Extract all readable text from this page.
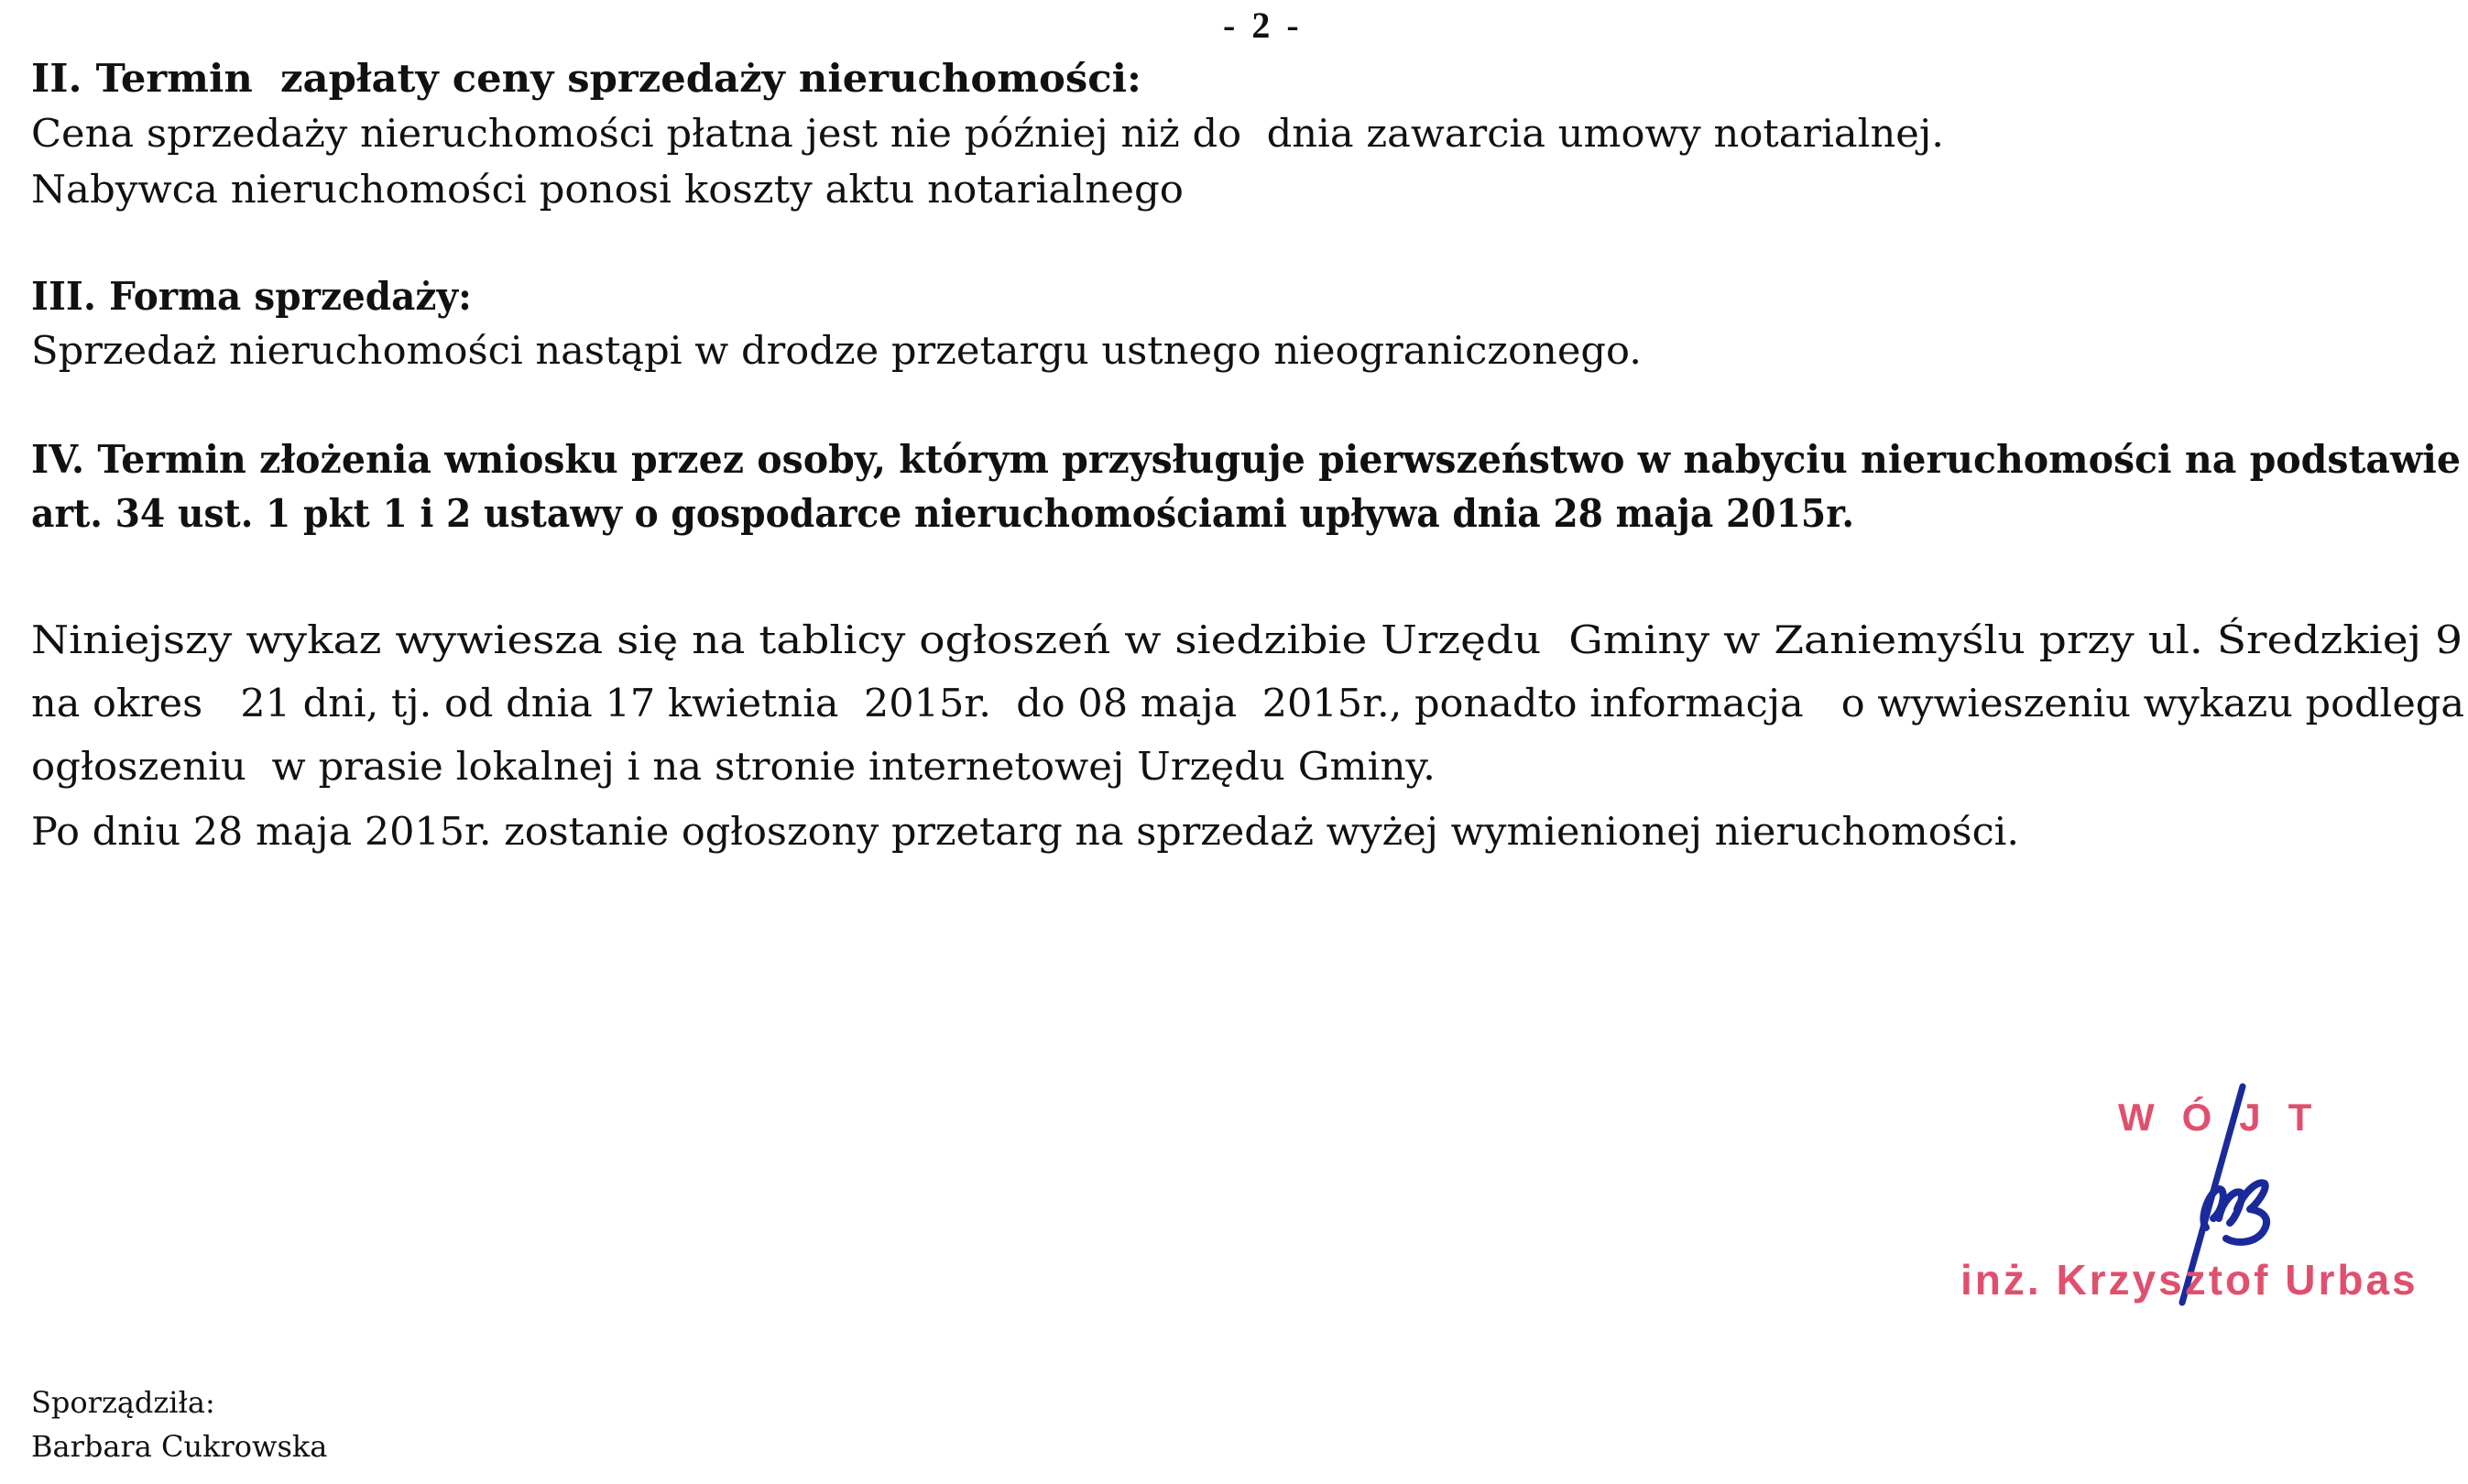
- 2 -
II. Termin  zapłaty ceny sprzedaży nieruchomości:
Cena sprzedaży nieruchomości płatna jest nie później niż do  dnia zawarcia umowy notarialnej.
Nabywca nieruchomości ponosi koszty aktu notarialnego
III. Forma sprzedaży:
Sprzedaż nieruchomości nastąpi w drodze przetargu ustnego nieograniczonego.
IV. Termin złożenia wniosku przez osoby, którym przysługuje pierwszeństwo w nabyciu nieruchomości na podstawie
art. 34 ust. 1 pkt 1 i 2 ustawy o gospodarce nieruchomościami upływa dnia 28 maja 2015r.
Niniejszy wykaz wywiesza się na tablicy ogłoszeń w siedzibie Urzędu  Gminy w Zaniemyślu przy ul. Średzkiej 9
na okres   21 dni, tj. od dnia 17 kwietnia  2015r.  do 08 maja  2015r., ponadto informacja   o wywieszeniu wykazu podlega
ogłoszeniu  w prasie lokalnej i na stronie internetowej Urzędu Gminy.
Po dniu 28 maja 2015r. zostanie ogłoszony przetarg na sprzedaż wyżej wymienionej nieruchomości.
WÓJT
inż. Krzysztof Urbas
Sporządziła:
Barbara Cukrowska
